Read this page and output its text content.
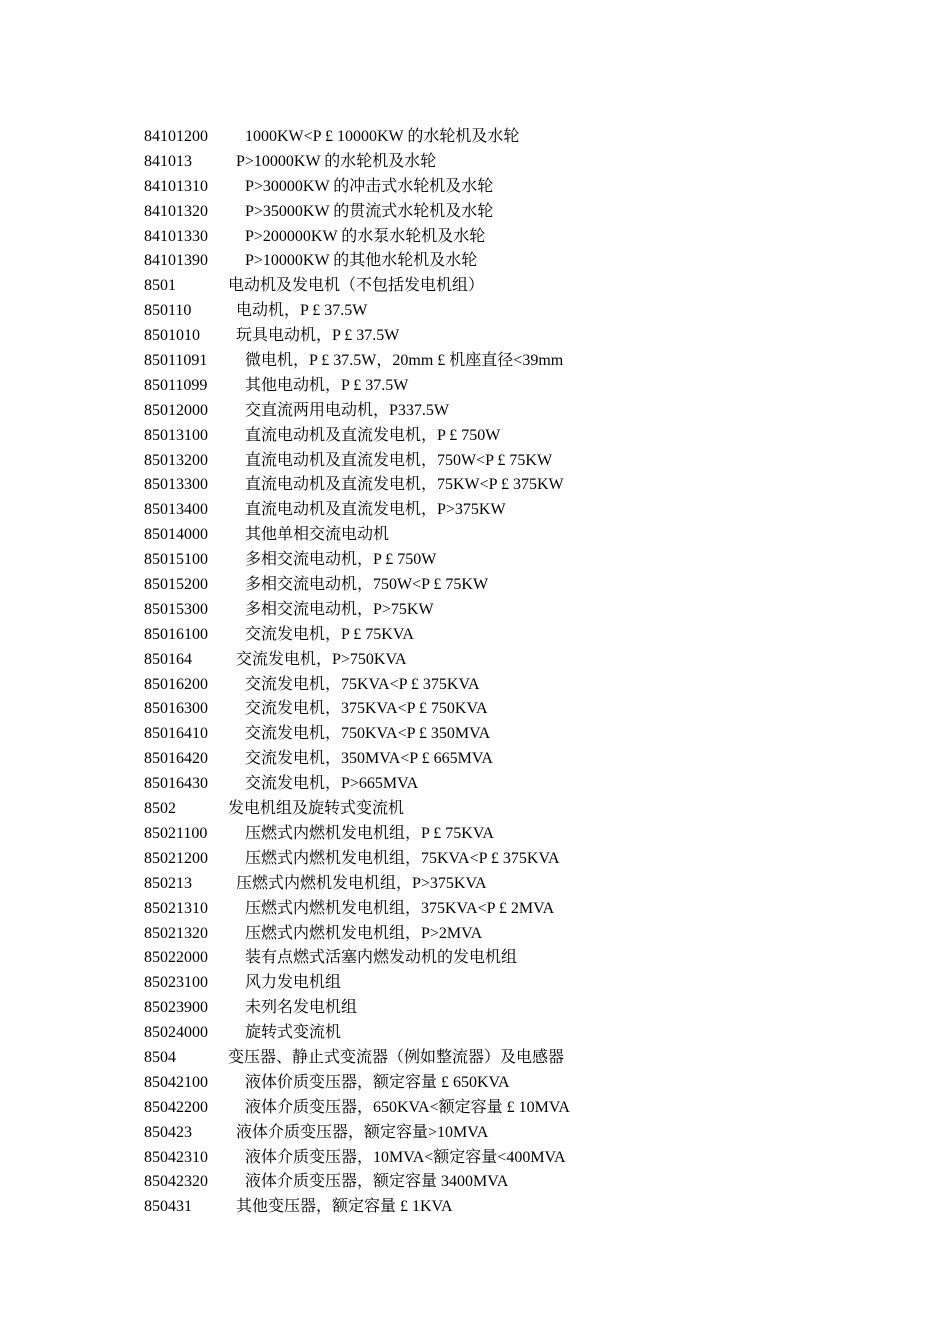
84101200 1000KW<P £ 10000KW 的水轮机及水轮
841013	P>10000KW 的水轮机及水轮
84101310 P>30000KW 的冲击式水轮机及水轮
84101320 P>35000KW 的贯流式水轮机及水轮
84101330 P>200000KW 的水泵水轮机及水轮
84101390 P>10000KW 的其他水轮机及水轮
8501	电动机及发电机（不包括发电机组）
850110	电动机，P £ 37.5W
8501010 玩具电动机，P £ 37.5W
85011091 微电机，P £ 37.5W，20mm £ 机座直径<39mm
85011099 其他电动机，P £ 37.5W
85012000 交直流两用电动机，P337.5W
85013100 直流电动机及直流发电机，P £ 750W
85013200 直流电动机及直流发电机，750W<P £ 75KW
85013300 直流电动机及直流发电机，75KW<P £ 375KW
85013400 直流电动机及直流发电机，P>375KW
85014000 其他单相交流电动机
85015100 多相交流电动机，P £ 750W
85015200 多相交流电动机，750W<P £ 75KW
85015300 多相交流电动机，P>75KW
85016100 交流发电机，P £ 75KVA
850164	交流发电机，P>750KVA
85016200 交流发电机，75KVA<P £ 375KVA
85016300 交流发电机，375KVA<P £ 750KVA
85016410 交流发电机，750KVA<P £ 350MVA
85016420 交流发电机，350MVA<P £ 665MVA
85016430 交流发电机，P>665MVA
8502	发电机组及旋转式变流机
85021100 压燃式内燃机发电机组，P £ 75KVA
85021200 压燃式内燃机发电机组，75KVA<P £ 375KVA
850213	压燃式内燃机发电机组，P>375KVA
85021310 压燃式内燃机发电机组，375KVA<P £ 2MVA
85021320 压燃式内燃机发电机组，P>2MVA
85022000 装有点燃式活塞内燃发动机的发电机组
85023100 风力发电机组
85023900 未列名发电机组
85024000 旋转式变流机
8504	变压器、静止式变流器（例如整流器）及电感器
85042100 液体价质变压器，额定容量 £ 650KVA
85042200 液体介质变压器，650KVA<额定容量 £ 10MVA
850423	液体介质变压器，额定容量>10MVA
85042310 液体介质变压器，10MVA<额定容量<400MVA
85042320 液体介质变压器，额定容量 3400MVA
850431	其他变压器，额定容量 £ 1KVA
